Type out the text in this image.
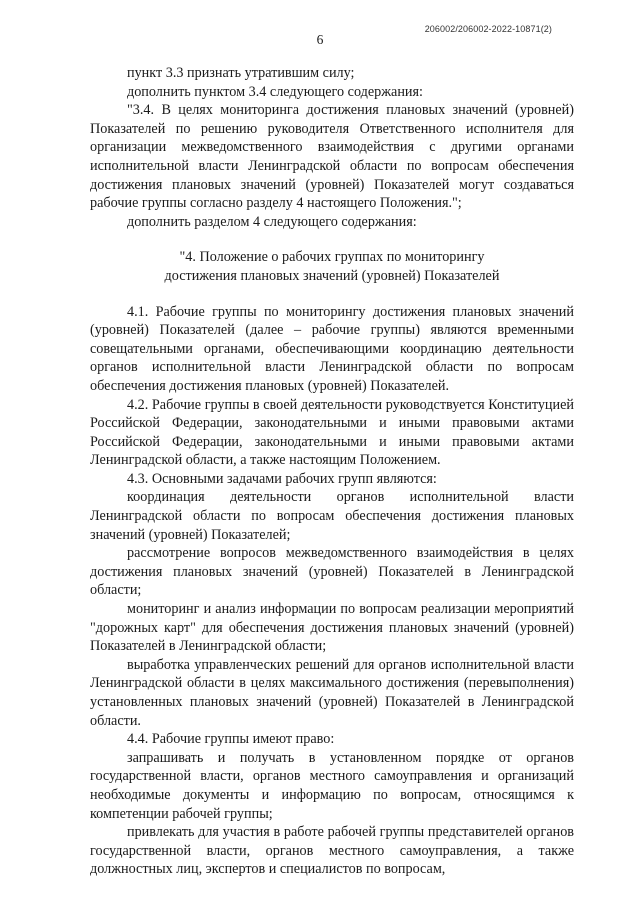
206002/206002-2022-10871(2)
6

пункт 3.3 признать утратившим силу;

дополнить пунктом 3.4 следующего содержания:

"3.4. В целях мониторинга достижения плановых значений (уровней) Показателей по решению руководителя Ответственного исполнителя для организации межведомственного взаимодействия с другими органами исполнительной власти Ленинградской области по вопросам обеспечения достижения плановых значений (уровней) Показателей могут создаваться рабочие группы согласно разделу 4 настоящего Положения.";

дополнить разделом 4 следующего содержания:

"4. Положение о рабочих группах по мониторингу
достижения плановых значений (уровней) Показателей

4.1. Рабочие группы по мониторингу достижения плановых значений (уровней) Показателей (далее – рабочие группы) являются временными совещательными органами, обеспечивающими координацию деятельности органов исполнительной власти Ленинградской области по вопросам обеспечения достижения плановых (уровней) Показателей.

4.2. Рабочие группы в своей деятельности руководствуется Конституцией Российской Федерации, законодательными и иными правовыми актами Российской Федерации, законодательными и иными правовыми актами Ленинградской области, а также настоящим Положением.

4.3. Основными задачами рабочих групп являются:

координация деятельности органов исполнительной власти Ленинградской области по вопросам обеспечения достижения плановых значений (уровней) Показателей;

рассмотрение вопросов межведомственного взаимодействия в целях достижения плановых значений (уровней) Показателей в Ленинградской области;

мониторинг и анализ информации по вопросам реализации мероприятий "дорожных карт" для обеспечения достижения плановых значений (уровней) Показателей в Ленинградской области;

выработка управленческих решений для органов исполнительной власти Ленинградской области в целях максимального достижения (перевыполнения) установленных плановых значений (уровней) Показателей в Ленинградской области.

4.4. Рабочие группы имеют право:

запрашивать и получать в установленном порядке от органов государственной власти, органов местного самоуправления и организаций необходимые документы и информацию по вопросам, относящимся к компетенции рабочей группы;

привлекать для участия в работе рабочей группы представителей органов государственной власти, органов местного самоуправления, а также должностных лиц, экспертов и специалистов по вопросам,
